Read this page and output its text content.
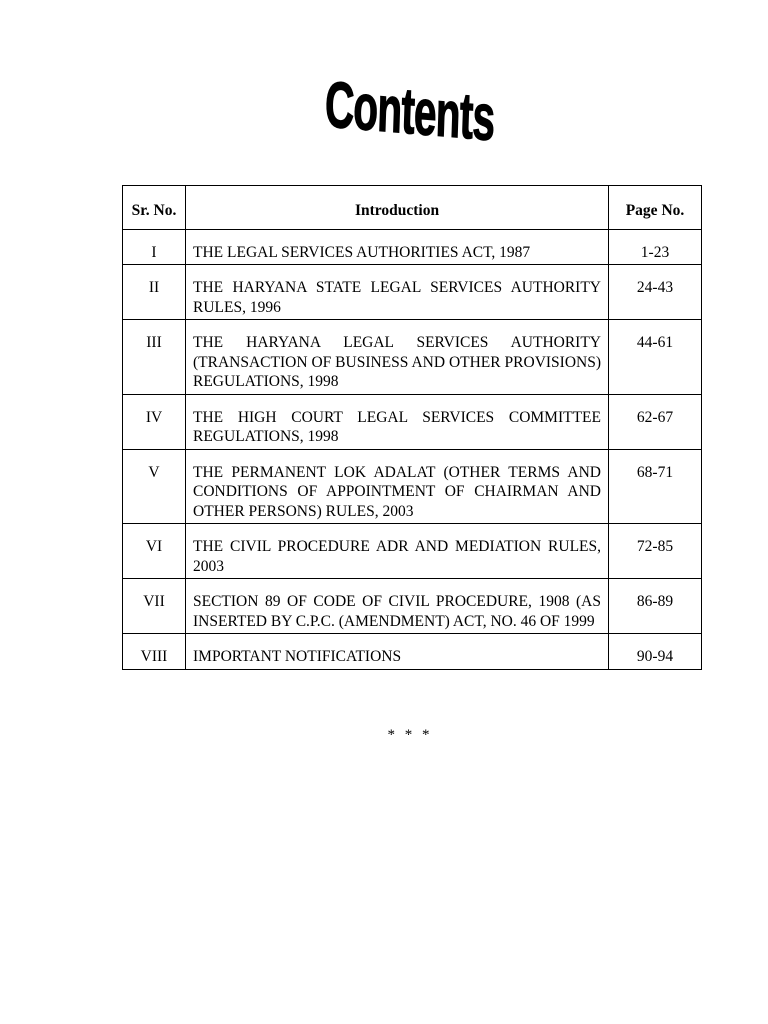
Contents
Sr. No.	Introduction	Page No.
I	THE LEGAL SERVICES AUTHORITIES ACT, 1987	1-23
II	THE HARYANA STATE LEGAL SERVICES AUTHORITY RULES, 1996	24-43
III	THE HARYANA LEGAL SERVICES AUTHORITY (TRANSACTION OF BUSINESS AND OTHER PROVISIONS) REGULATIONS, 1998	44-61
IV	THE HIGH COURT LEGAL SERVICES COMMITTEE REGULATIONS, 1998	62-67
V	THE PERMANENT LOK ADALAT (OTHER TERMS AND CONDITIONS OF APPOINTMENT OF CHAIRMAN AND OTHER PERSONS) RULES, 2003	68-71
VI	THE CIVIL PROCEDURE ADR AND MEDIATION RULES, 2003	72-85
VII	SECTION 89 OF CODE OF CIVIL PROCEDURE, 1908 (AS INSERTED BY C.P.C. (AMENDMENT) ACT, NO. 46 OF 1999	86-89
VIII	IMPORTANT NOTIFICATIONS	90-94
* * *
